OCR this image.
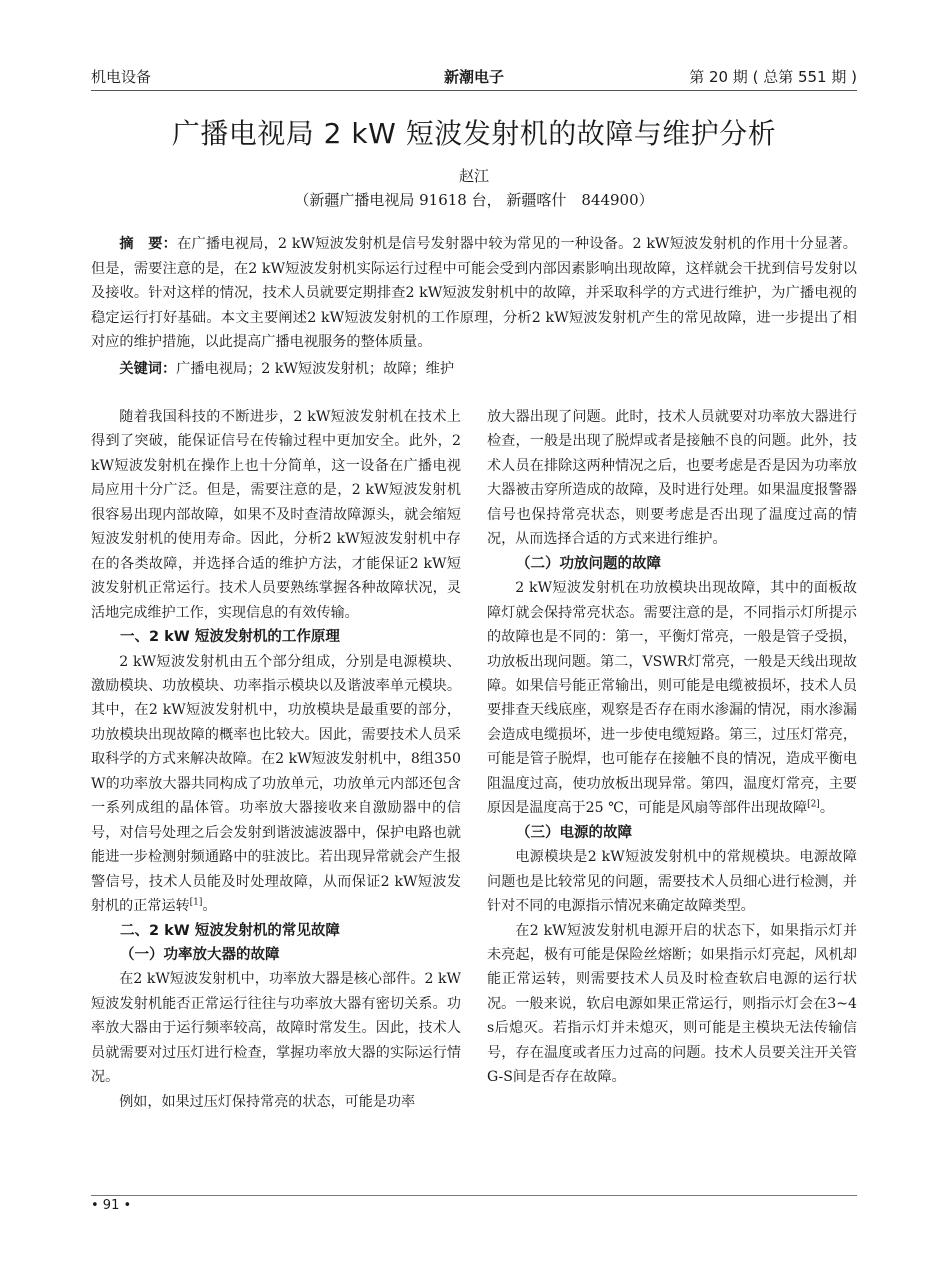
机电设备	新潮电子	第 20 期 ( 总第 551 期 )
广播电视局 2 kW 短波发射机的故障与维护分析
赵江
（新疆广播电视局 91618 台， 新疆喀什　844900）
摘　要：在广播电视局，2 kW短波发射机是信号发射器中较为常见的一种设备。2 kW短波发射机的作用十分显著。但是，需要注意的是，在2 kW短波发射机实际运行过程中可能会受到内部因素影响出现故障，这样就会干扰到信号发射以及接收。针对这样的情况，技术人员就要定期排查2 kW短波发射机中的故障，并采取科学的方式进行维护，为广播电视的稳定运行打好基础。本文主要阐述2 kW短波发射机的工作原理，分析2 kW短波发射机产生的常见故障，进一步提出了相对应的维护措施，以此提高广播电视服务的整体质量。
关键词：广播电视局；2 kW短波发射机；故障；维护

随着我国科技的不断进步，2 kW短波发射机在技术上得到了突破，能保证信号在传输过程中更加安全。此外，2 kW短波发射机在操作上也十分简单，这一设备在广播电视局应用十分广泛。但是，需要注意的是，2 kW短波发射机很容易出现内部故障，如果不及时查清故障源头，就会缩短短波发射机的使用寿命。因此，分析2 kW短波发射机中存在的各类故障，并选择合适的维护方法，才能保证2 kW短波发射机正常运行。技术人员要熟练掌握各种故障状况，灵活地完成维护工作，实现信息的有效传输。

一、2 kW 短波发射机的工作原理

2 kW短波发射机由五个部分组成，分别是电源模块、激励模块、功放模块、功率指示模块以及谐波率单元模块。其中，在2 kW短波发射机中，功放模块是最重要的部分，功放模块出现故障的概率也比较大。因此，需要技术人员采取科学的方式来解决故障。在2 kW短波发射机中，8组350 W的功率放大器共同构成了功放单元，功放单元内部还包含一系列成组的晶体管。功率放大器接收来自激励器中的信号，对信号处理之后会发射到谐波滤波器中，保护电路也就能进一步检测射频通路中的驻波比。若出现异常就会产生报警信号，技术人员能及时处理故障，从而保证2 kW短波发射机的正常运转[1]。

二、2 kW 短波发射机的常见故障
（一）功率放大器的故障

在2 kW短波发射机中，功率放大器是核心部件。2 kW短波发射机能否正常运行往往与功率放大器有密切关系。功率放大器由于运行频率较高，故障时常发生。因此，技术人员就需要对过压灯进行检查，掌握功率放大器的实际运行情况。

例如，如果过压灯保持常亮的状态，可能是功率

放大器出现了问题。此时，技术人员就要对功率放大器进行检查，一般是出现了脱焊或者是接触不良的问题。此外，技术人员在排除这两种情况之后，也要考虑是否是因为功率放大器被击穿所造成的故障，及时进行处理。如果温度报警器信号也保持常亮状态，则要考虑是否出现了温度过高的情况，从而选择合适的方式来进行维护。

（二）功放问题的故障

2 kW短波发射机在功放模块出现故障，其中的面板故障灯就会保持常亮状态。需要注意的是，不同指示灯所提示的故障也是不同的：第一，平衡灯常亮，一般是管子受损，功放板出现问题。第二，VSWR灯常亮，一般是天线出现故障。如果信号能正常输出，则可能是电缆被损坏，技术人员要排查天线底座，观察是否存在雨水渗漏的情况，雨水渗漏会造成电缆损坏，进一步使电缆短路。第三，过压灯常亮，可能是管子脱焊，也可能存在接触不良的情况，造成平衡电阻温度过高，使功放板出现异常。第四，温度灯常亮，主要原因是温度高于25 ℃，可能是风扇等部件出现故障[2]。

（三）电源的故障

电源模块是2 kW短波发射机中的常规模块。电源故障问题也是比较常见的问题，需要技术人员细心进行检测，并针对不同的电源指示情况来确定故障类型。

在2 kW短波发射机电源开启的状态下，如果指示灯并未亮起，极有可能是保险丝熔断；如果指示灯亮起，风机却能正常运转，则需要技术人员及时检查软启电源的运行状况。一般来说，软启电源如果正常运行，则指示灯会在3~4 s后熄灭。若指示灯并未熄灭，则可能是主模块无法传输信号，存在温度或者压力过高的问题。技术人员要关注开关管G-S间是否存在故障。

• 91 •
